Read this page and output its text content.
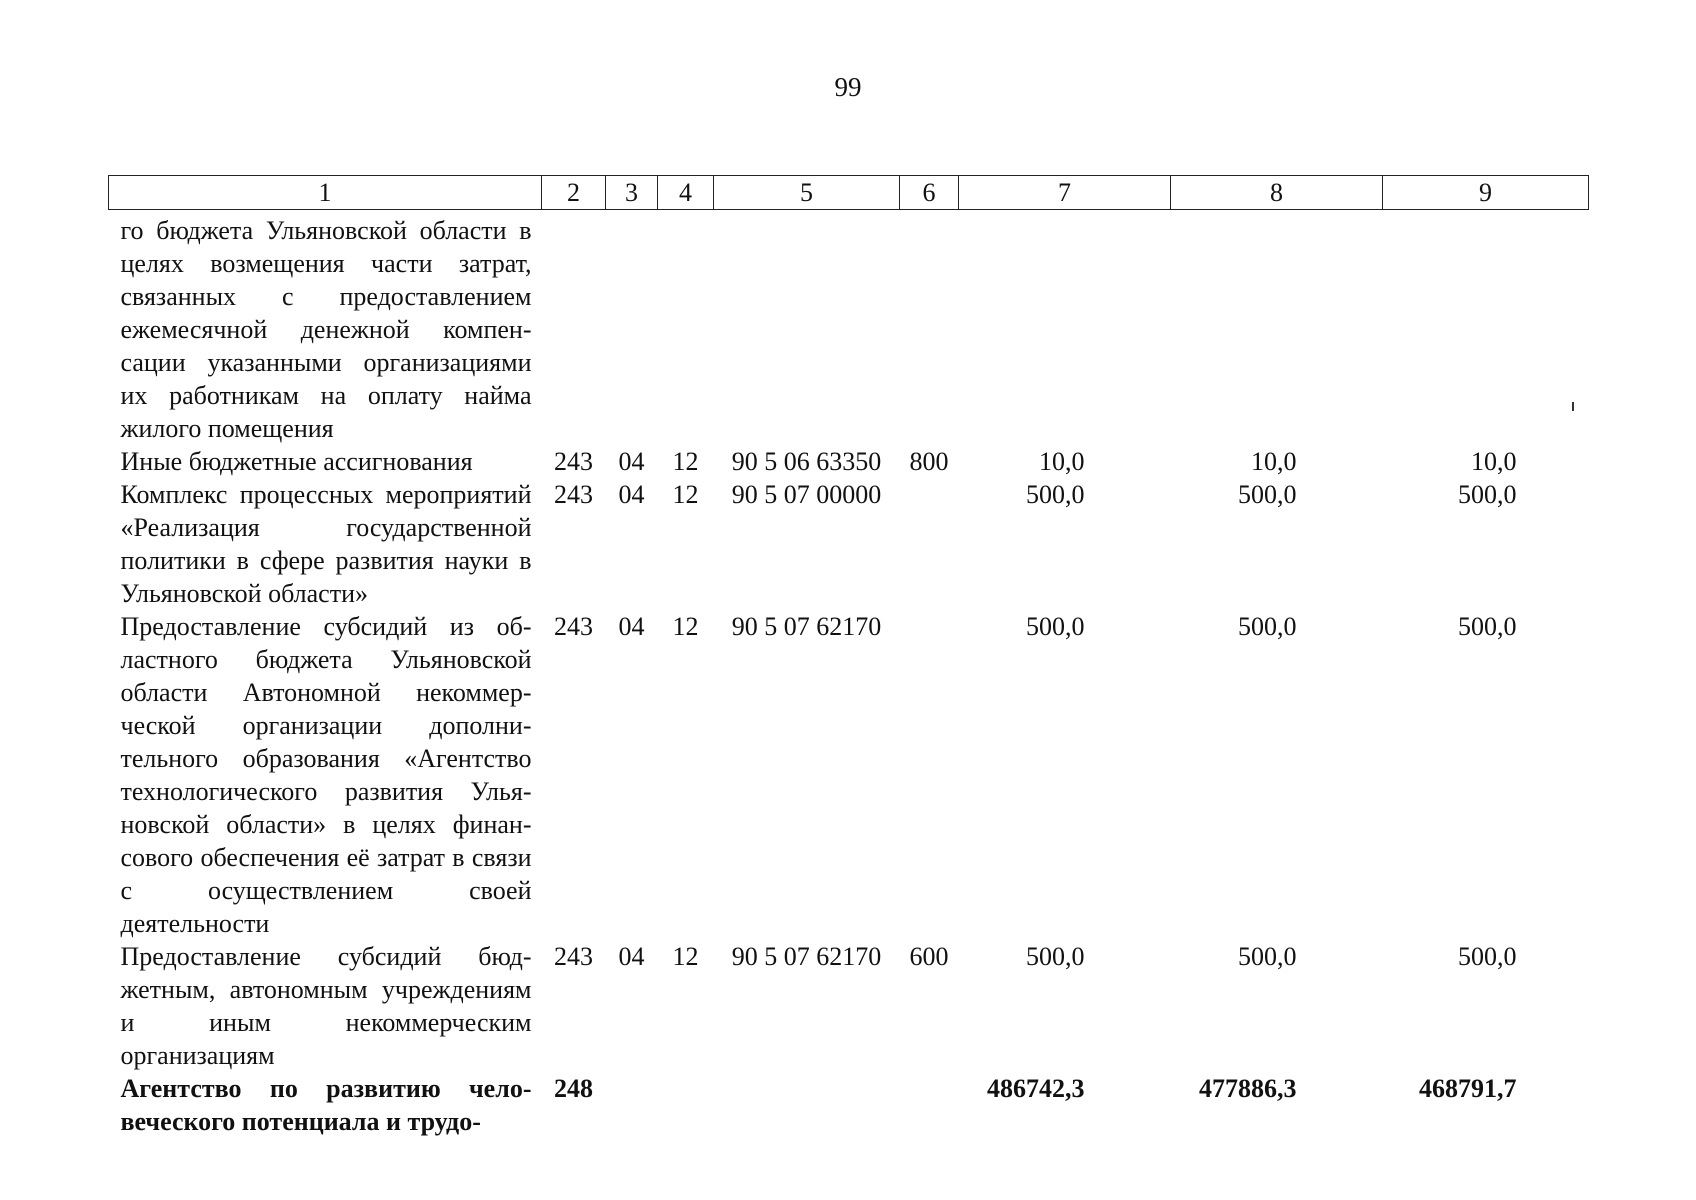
99
1	2	3	4	5	6	7	8	9
го бюджета Ульяновской области в целях возмещения части затрат, связанных с предоставлением ежемесячной денежной компенсации указанными организациями их работникам на оплату найма жилого помещения								
Иные бюджетные ассигнования	243	04	12	90 5 06 63350	800	10,0	10,0	10,0
Комплекс процессных мероприятий «Реализация государственной политики в сфере развития науки в Ульяновской области»	243	04	12	90 5 07 00000		500,0	500,0	500,0
Предоставление субсидий из областного бюджета Ульяновской области Автономной некоммерческой организации дополнительного образования «Агентство технологического развития Ульяновской области» в целях финансового обеспечения её затрат в связи с осуществлением своей деятельности	243	04	12	90 5 07 62170		500,0	500,0	500,0
Предоставление субсидий бюджетным, автономным учреждениям и иным некоммерческим организациям	243	04	12	90 5 07 62170	600	500,0	500,0	500,0
Агентство по развитию человеческого потенциала и трудо-	248					486742,3	477886,3	468791,7
